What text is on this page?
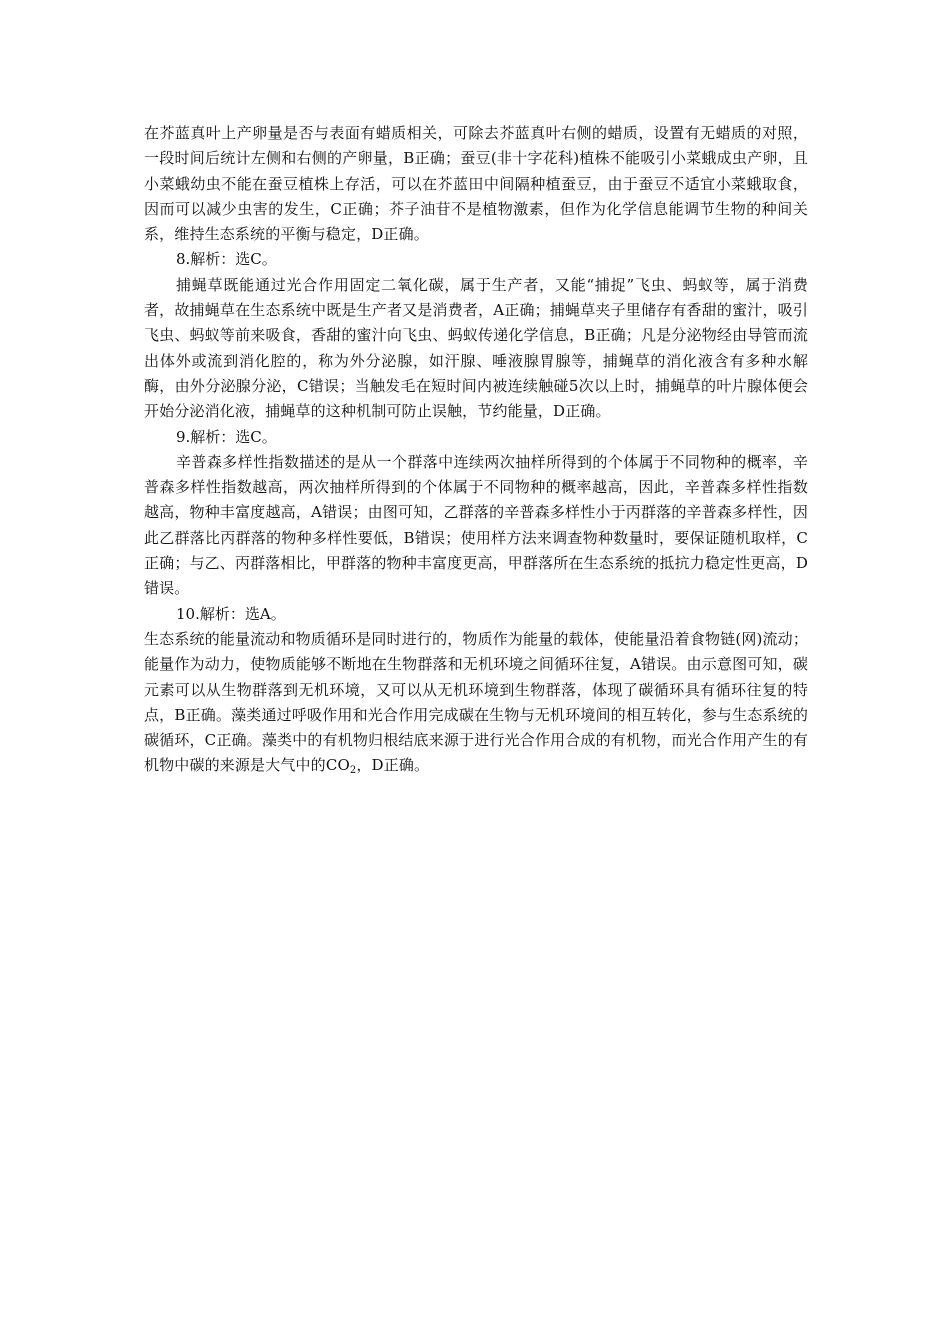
在芥蓝真叶上产卵量是否与表面有蜡质相关，可除去芥蓝真叶右侧的蜡质，设置有无蜡质的对照，一段时间后统计左侧和右侧的产卵量，B正确；蚕豆(非十字花科)植株不能吸引小菜蛾成虫产卵，且小菜蛾幼虫不能在蚕豆植株上存活，可以在芥蓝田中间隔种植蚕豆，由于蚕豆不适宜小菜蛾取食，因而可以减少虫害的发生，C正确；芥子油苷不是植物激素，但作为化学信息能调节生物的种间关系，维持生态系统的平衡与稳定，D正确。

8.解析：选C。

捕蝇草既能通过光合作用固定二氧化碳，属于生产者，又能“捕捉”飞虫、蚂蚁等，属于消费者，故捕蝇草在生态系统中既是生产者又是消费者，A正确；捕蝇草夹子里储存有香甜的蜜汁，吸引飞虫、蚂蚁等前来吸食，香甜的蜜汁向飞虫、蚂蚁传递化学信息，B正确；凡是分泌物经由导管而流出体外或流到消化腔的，称为外分泌腺，如汗腺、唾液腺胃腺等，捕蝇草的消化液含有多种水解酶，由外分泌腺分泌，C错误；当触发毛在短时间内被连续触碰5次以上时，捕蝇草的叶片腺体便会开始分泌消化液，捕蝇草的这种机制可防止误触，节约能量，D正确。

9.解析：选C。

辛普森多样性指数描述的是从一个群落中连续两次抽样所得到的个体属于不同物种的概率，辛普森多样性指数越高，两次抽样所得到的个体属于不同物种的概率越高，因此，辛普森多样性指数越高，物种丰富度越高，A错误；由图可知，乙群落的辛普森多样性小于丙群落的辛普森多样性，因此乙群落比丙群落的物种多样性要低，B错误；使用样方法来调查物种数量时，要保证随机取样，C正确；与乙、丙群落相比，甲群落的物种丰富度更高，甲群落所在生态系统的抵抗力稳定性更高，D错误。

10.解析：选A。

生态系统的能量流动和物质循环是同时进行的，物质作为能量的载体，使能量沿着食物链(网)流动；能量作为动力，使物质能够不断地在生物群落和无机环境之间循环往复，A错误。由示意图可知，碳元素可以从生物群落到无机环境，又可以从无机环境到生物群落，体现了碳循环具有循环往复的特点，B正确。藻类通过呼吸作用和光合作用完成碳在生物与无机环境间的相互转化，参与生态系统的碳循环，C正确。藻类中的有机物归根结底来源于进行光合作用合成的有机物，而光合作用产生的有机物中碳的来源是大气中的$CO_2$，D正确。
